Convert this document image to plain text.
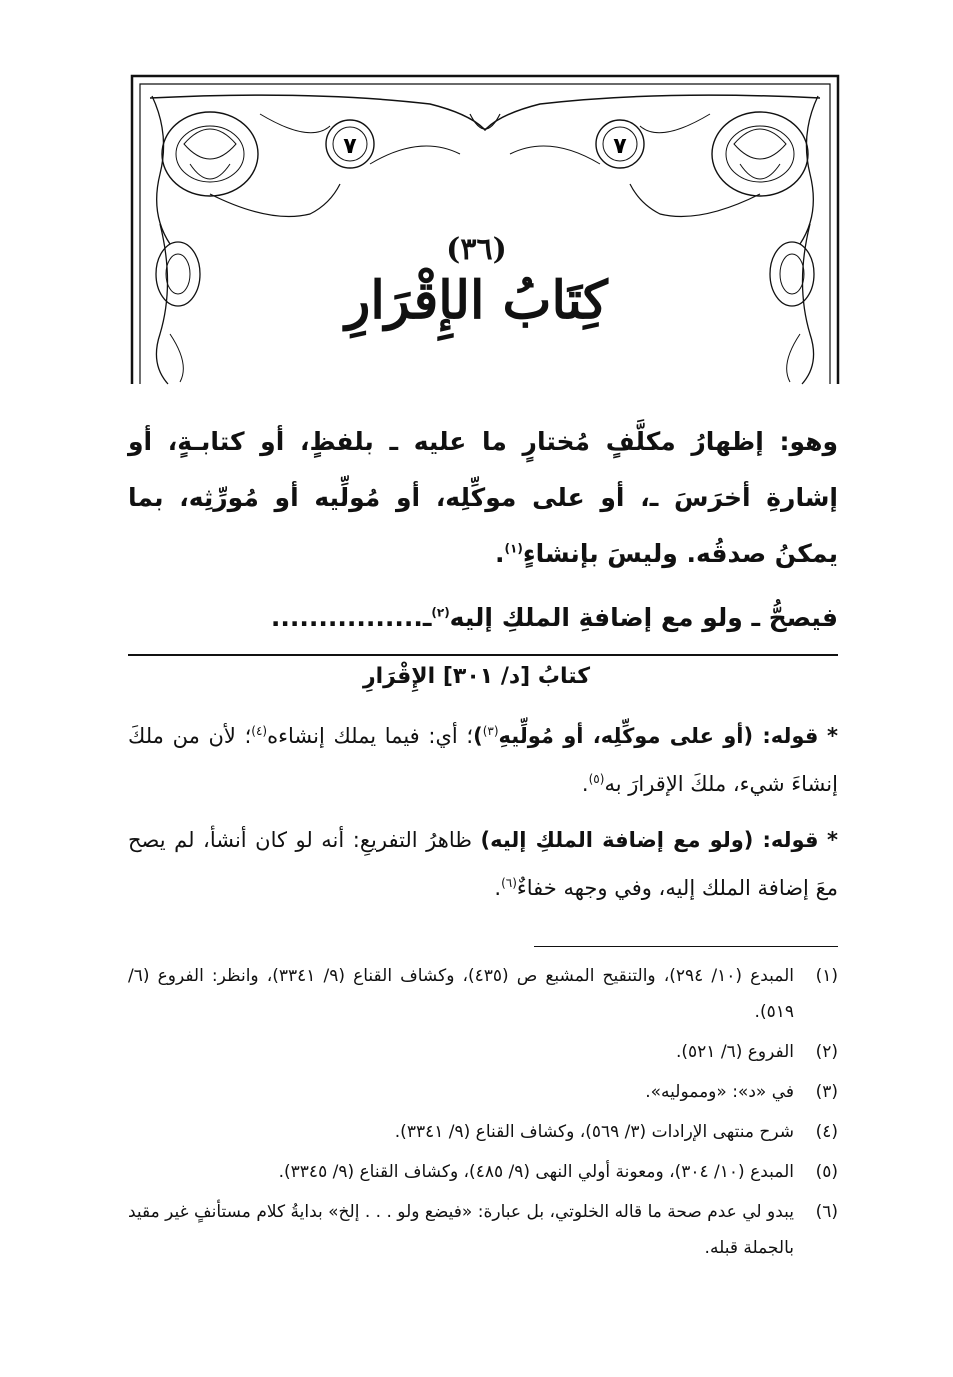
٧	٧
(٣٦)
كِتَابُ الإِقْرَارِ

وهو: إظهارُ مكلَّفٍ مُختارٍ ما عليه ـ بلفظٍ، أو كتابـةٍ، أو إشارةِ أخرَسَ ـ، أو على موكِّلِه، أو مُولِّيه أو مُورِّثِه، بما يمكنُ صدقُه. وليسَ بإنشاءٍ$^{(١)}$.

فيصحُّ ـ ولو مع إضافةِ الملكِ إليه$^{(٢)}$ـ................
كتابُ [د/ ٣٠١] الإِقْرَارِ

* قوله: (أو على موكِّلِه، أو مُولِّيهِ$^{(٣)}$)؛ أي: فيما يملك إنشاءه$^{(٤)}$؛ لأن من ملكَ إنشاءَ شيء، ملكَ الإقرارَ به$^{(٥)}$.

* قوله: (ولو مع إضافة الملكِ إليه) ظاهرُ التفريعِ: أنه لو كان أنشأ، لم يصح معَ إضافة الملك إليه، وفي وجهه خفاءٌ$^{(٦)}$.

(١)
المبدع (١٠/ ٢٩٤)، والتنقيح المشبع ص (٤٣٥)، وكشاف القناع (٩/ ٣٣٤١)، وانظر: الفروع (٦/ ٥١٩).
(٢)
الفروع (٦/ ٥٢١).
(٣)
في «د»: «ومموليه».
(٤)
شرح منتهى الإرادات (٣/ ٥٦٩)، وكشاف القناع (٩/ ٣٣٤١).
(٥)
المبدع (١٠/ ٣٠٤)، ومعونة أولي النهى (٩/ ٤٨٥)، وكشاف القناع (٩/ ٣٣٤٥).
(٦)
يبدو لي عدم صحة ما قاله الخلوتي، بل عبارة: «فيضع ولو . . . إلخ» بدايةُ كلام مستأنفٍ غير مقيد بالجملة قبله.
